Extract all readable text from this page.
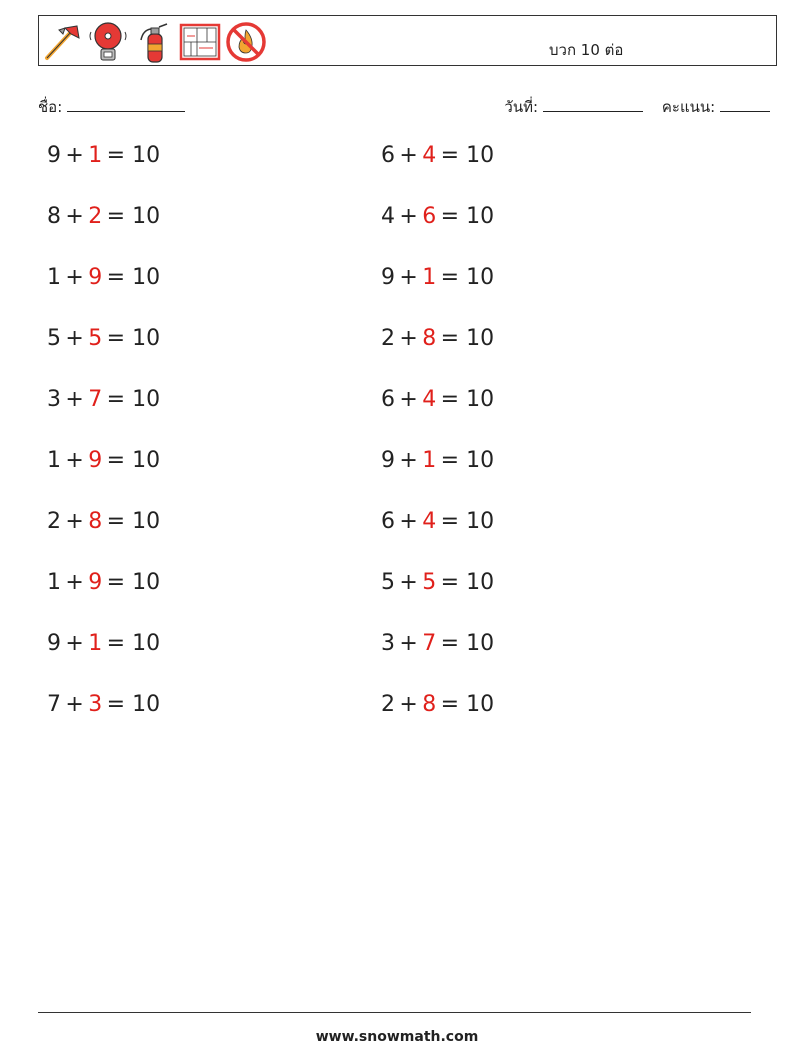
บวก 10 ต่อ
ชื่อ:	วันที่:	คะแนน:
9  +  1  = 10
8  +  2  = 10
1  +  9  = 10
5  +  5  = 10
3  +  7  = 10
1  +  9  = 10
2  +  8  = 10
1  +  9  = 10
9  +  1  = 10
7  +  3  = 10
6  +  4  = 10
4  +  6  = 10
9  +  1  = 10
2  +  8  = 10
6  +  4  = 10
9  +  1  = 10
6  +  4  = 10
5  +  5  = 10
3  +  7  = 10
2  +  8  = 10
www.snowmath.com
